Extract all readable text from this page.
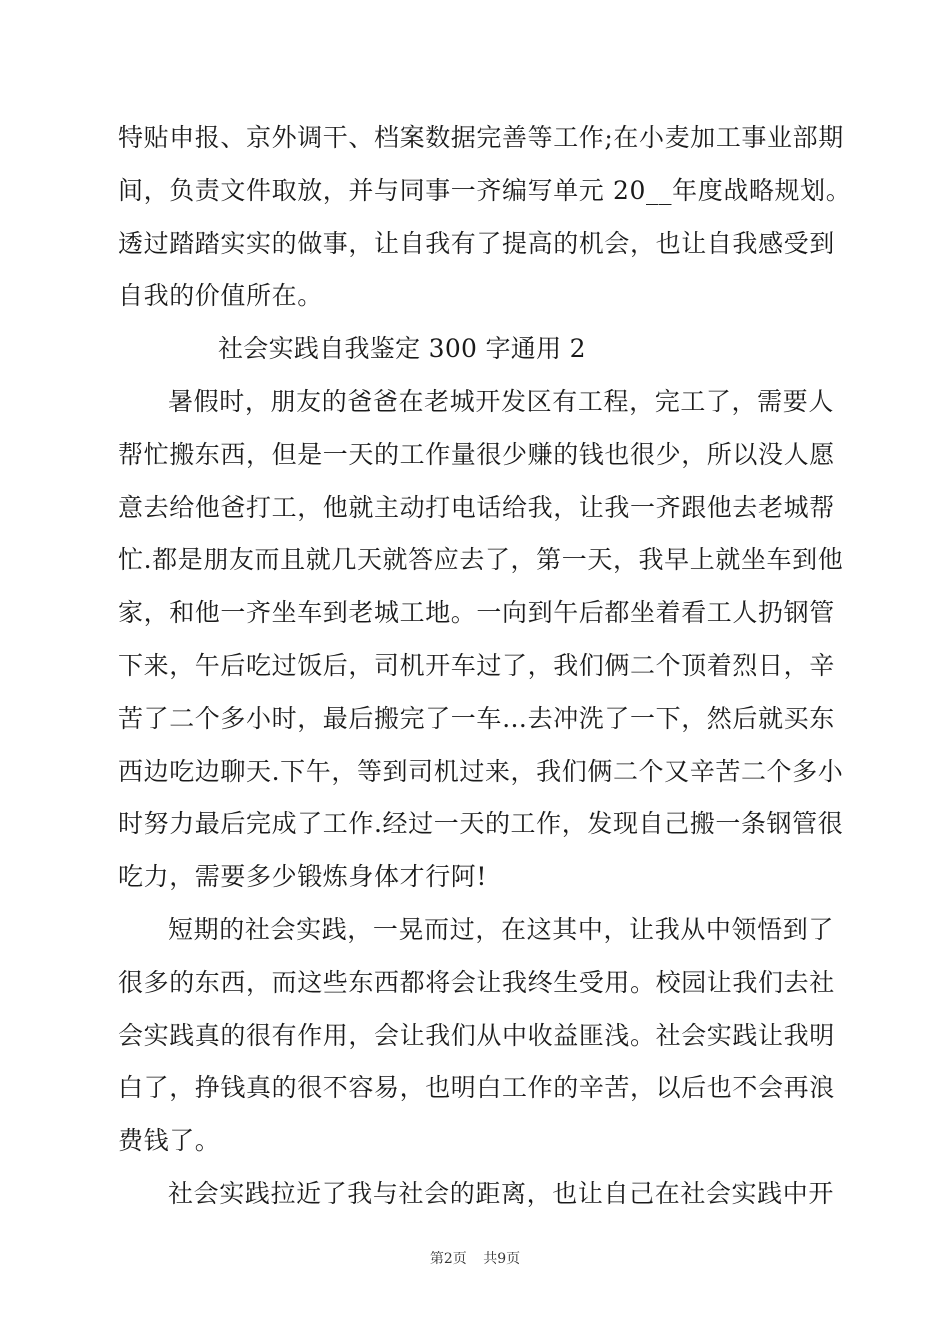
特贴申报、京外调干、档案数据完善等工作;在小麦加工事业部期
间，负责文件取放，并与同事一齐编写单元 20__年度战略规划。
透过踏踏实实的做事，让自我有了提高的机会，也让自我感受到
自我的价值所在。
社会实践自我鉴定 300 字通用 2
暑假时，朋友的爸爸在老城开发区有工程，完工了，需要人
帮忙搬东西，但是一天的工作量很少赚的钱也很少，所以没人愿
意去给他爸打工，他就主动打电话给我，让我一齐跟他去老城帮
忙.都是朋友而且就几天就答应去了，第一天，我早上就坐车到他
家，和他一齐坐车到老城工地。一向到午后都坐着看工人扔钢管
下来，午后吃过饭后，司机开车过了，我们俩二个顶着烈日，辛
苦了二个多小时，最后搬完了一车…去冲洗了一下，然后就买东
西边吃边聊天.下午，等到司机过来，我们俩二个又辛苦二个多小
时努力最后完成了工作.经过一天的工作，发现自己搬一条钢管很
吃力，需要多少锻炼身体才行阿!
短期的社会实践，一晃而过，在这其中，让我从中领悟到了
很多的东西，而这些东西都将会让我终生受用。校园让我们去社
会实践真的很有作用，会让我们从中收益匪浅。社会实践让我明
白了，挣钱真的很不容易，也明白工作的辛苦，以后也不会再浪
费钱了。
社会实践拉近了我与社会的距离，也让自己在社会实践中开
第2页 共9页
